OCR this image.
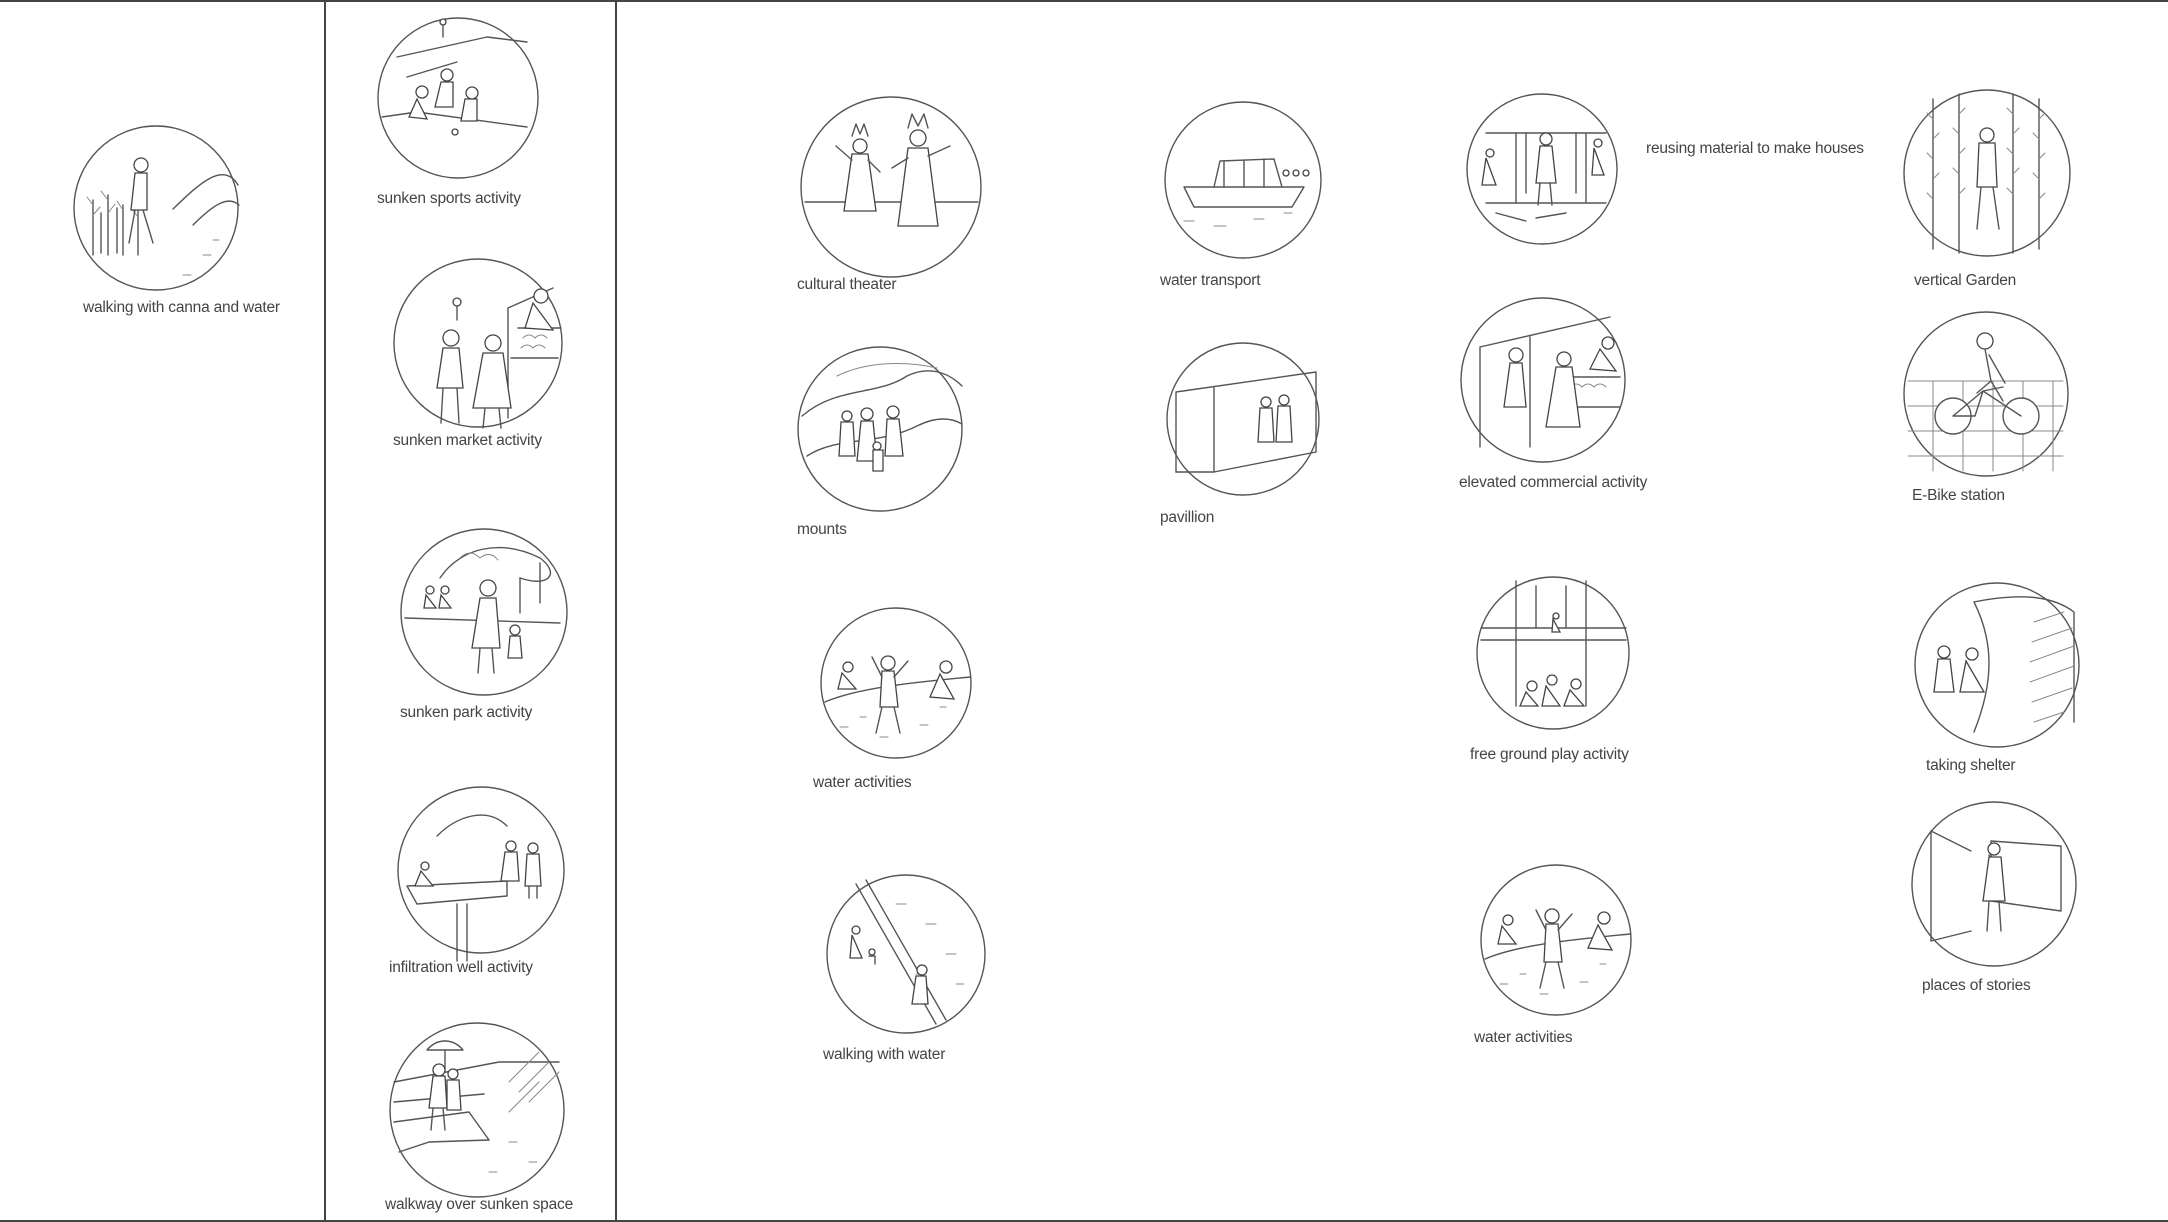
walking with canna and water
sunken sports activity
sunken market activity
sunken park activity
infiltration well activity
walkway over sunken space
cultural theater
mounts
water activities
walking with water
water transport
pavillion
reusing material to make houses
elevated commercial activity
free ground play activity
water activities
vertical Garden
E-Bike station
taking shelter
places of stories
